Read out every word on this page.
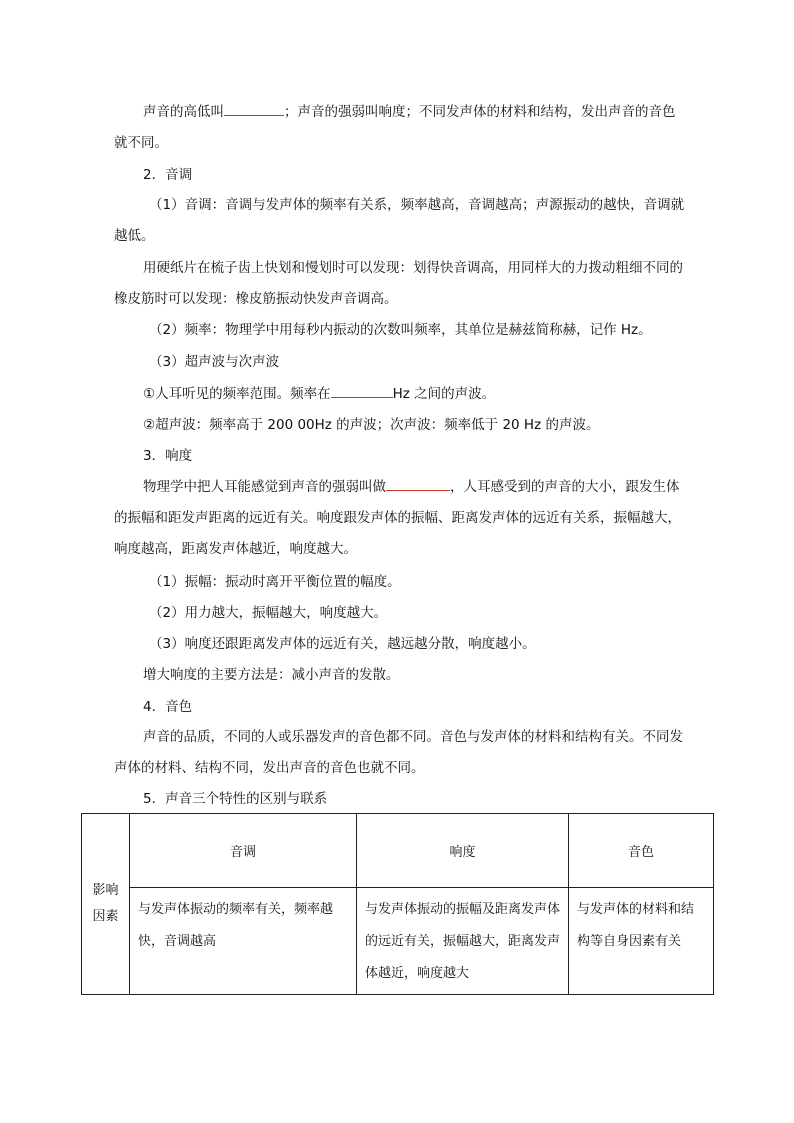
声音的高低叫	；声音的强弱叫响度；不同发声体的材料和结构，发出声音的音色就不同。

2．音调

（1）音调：音调与发声体的频率有关系，频率越高，音调越高；声源振动的越快，音调就越低。

用硬纸片在梳子齿上快划和慢划时可以发现：划得快音调高，用同样大的力拨动粗细不同的橡皮筋时可以发现：橡皮筋振动快发声音调高。

（2）频率：物理学中用每秒内振动的次数叫频率，其单位是赫兹简称赫，记作 Hz。

（3）超声波与次声波

①人耳听见的频率范围。频率在	Hz 之间的声波。

②超声波：频率高于 200 00Hz 的声波；次声波：频率低于 20 Hz 的声波。

3．响度

物理学中把人耳能感觉到声音的强弱叫做	，人耳感受到的声音的大小，跟发生体的振幅和距发声距离的远近有关。响度跟发声体的振幅、距离发声体的远近有关系，振幅越大，响度越高，距离发声体越近，响度越大。

（1）振幅：振动时离开平衡位置的幅度。

（2）用力越大，振幅越大，响度越大。

（3）响度还跟距离发声体的远近有关，越远越分散，响度越小。

增大响度的主要方法是：减小声音的发散。

4．音色

声音的品质，不同的人或乐器发声的音色都不同。音色与发声体的材料和结构有关。不同发声体的材料、结构不同，发出声音的音色也就不同。

5．声音三个特性的区别与联系

影响因素	音调	响度	音色
	与发声体振动的频率有关，频率越快，音调越高	与发声体振动的振幅及距离发声体的远近有关，振幅越大，距离发声体越近，响度越大	与发声体的材料和结构等自身因素有关
